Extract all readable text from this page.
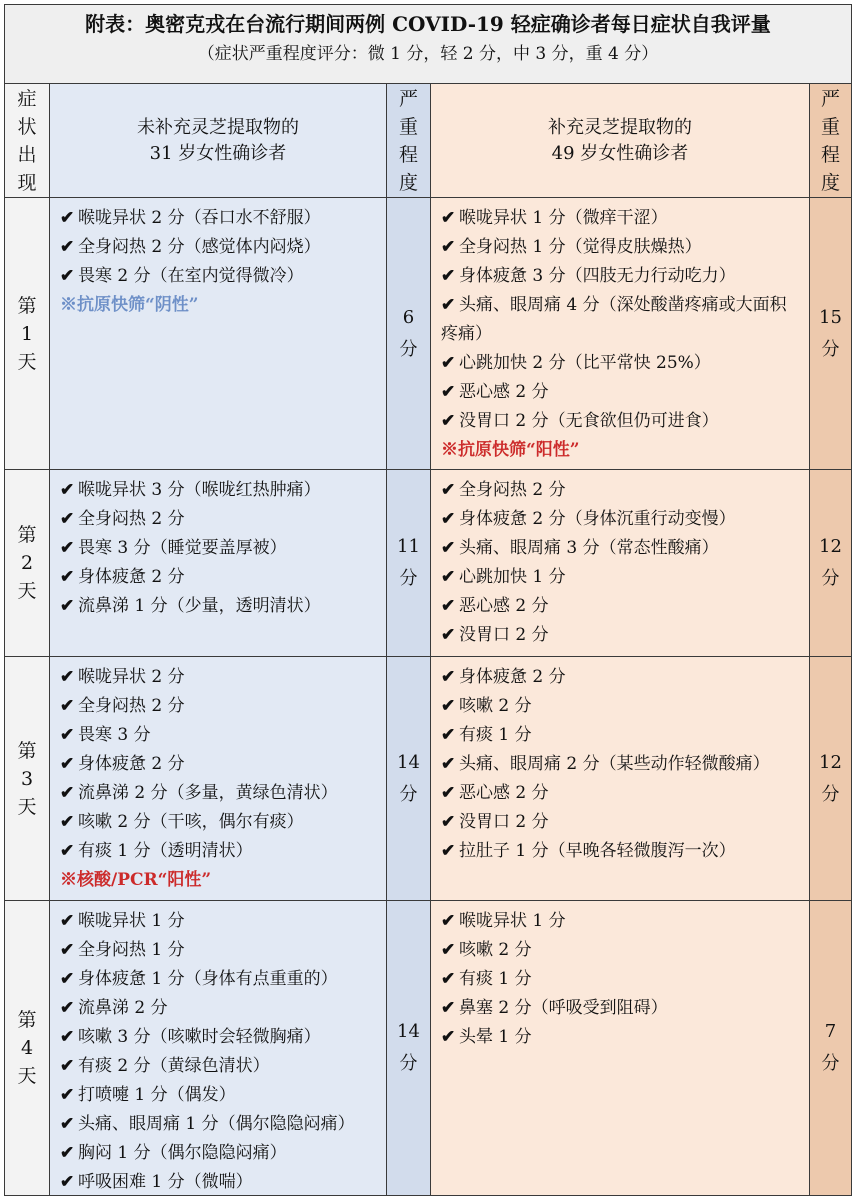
附表：奥密克戎在台流行期间两例 COVID-19 轻症确诊者每日症状自我评量
（症状严重程度评分：微 1 分，轻 2 分，中 3 分，重 4 分）
症
状
出
现
未补充灵芝提取物的
31 岁女性确诊者
严
重
程
度
补充灵芝提取物的
49 岁女性确诊者
严
重
程
度
第
1
天
✔ 喉咙异状 2 分（吞口水不舒服）
✔ 全身闷热 2 分（感觉体内闷烧）
✔ 畏寒 2 分（在室内觉得微冷）
※抗原快筛“阴性”
6
分
✔ 喉咙异状 1 分（微痒干涩）
✔ 全身闷热 1 分（觉得皮肤燥热）
✔ 身体疲惫 3 分（四肢无力行动吃力）
✔ 头痛、眼周痛 4 分（深处酸凿疼痛或大面积疼痛）
✔ 心跳加快 2 分（比平常快 25%）
✔ 恶心感 2 分
✔ 没胃口 2 分（无食欲但仍可进食）
※抗原快筛“阳性”
15
分
第
2
天
✔ 喉咙异状 3 分（喉咙红热肿痛）
✔ 全身闷热 2 分
✔ 畏寒 3 分（睡觉要盖厚被）
✔ 身体疲惫 2 分
✔ 流鼻涕 1 分（少量，透明清状）
11
分
✔ 全身闷热 2 分
✔ 身体疲惫 2 分（身体沉重行动变慢）
✔ 头痛、眼周痛 3 分（常态性酸痛）
✔ 心跳加快 1 分
✔ 恶心感 2 分
✔ 没胃口 2 分
12
分
第
3
天
✔ 喉咙异状 2 分
✔ 全身闷热 2 分
✔ 畏寒 3 分
✔ 身体疲惫 2 分
✔ 流鼻涕 2 分（多量，黄绿色清状）
✔ 咳嗽 2 分（干咳，偶尔有痰）
✔ 有痰 1 分（透明清状）
※核酸/PCR“阳性”
14
分
✔ 身体疲惫 2 分
✔ 咳嗽 2 分
✔ 有痰 1 分
✔ 头痛、眼周痛 2 分（某些动作轻微酸痛）
✔ 恶心感 2 分
✔ 没胃口 2 分
✔ 拉肚子 1 分（早晚各轻微腹泻一次）
12
分
第
4
天
✔ 喉咙异状 1 分
✔ 全身闷热 1 分
✔ 身体疲惫 1 分（身体有点重重的）
✔ 流鼻涕 2 分
✔ 咳嗽 3 分（咳嗽时会轻微胸痛）
✔ 有痰 2 分（黄绿色清状）
✔ 打喷嚏 1 分（偶发）
✔ 头痛、眼周痛 1 分（偶尔隐隐闷痛）
✔ 胸闷 1 分（偶尔隐隐闷痛）
✔ 呼吸困难 1 分（微喘）
14
分
✔ 喉咙异状 1 分
✔ 咳嗽 2 分
✔ 有痰 1 分
✔ 鼻塞 2 分（呼吸受到阻碍）
✔ 头晕 1 分	7
分
